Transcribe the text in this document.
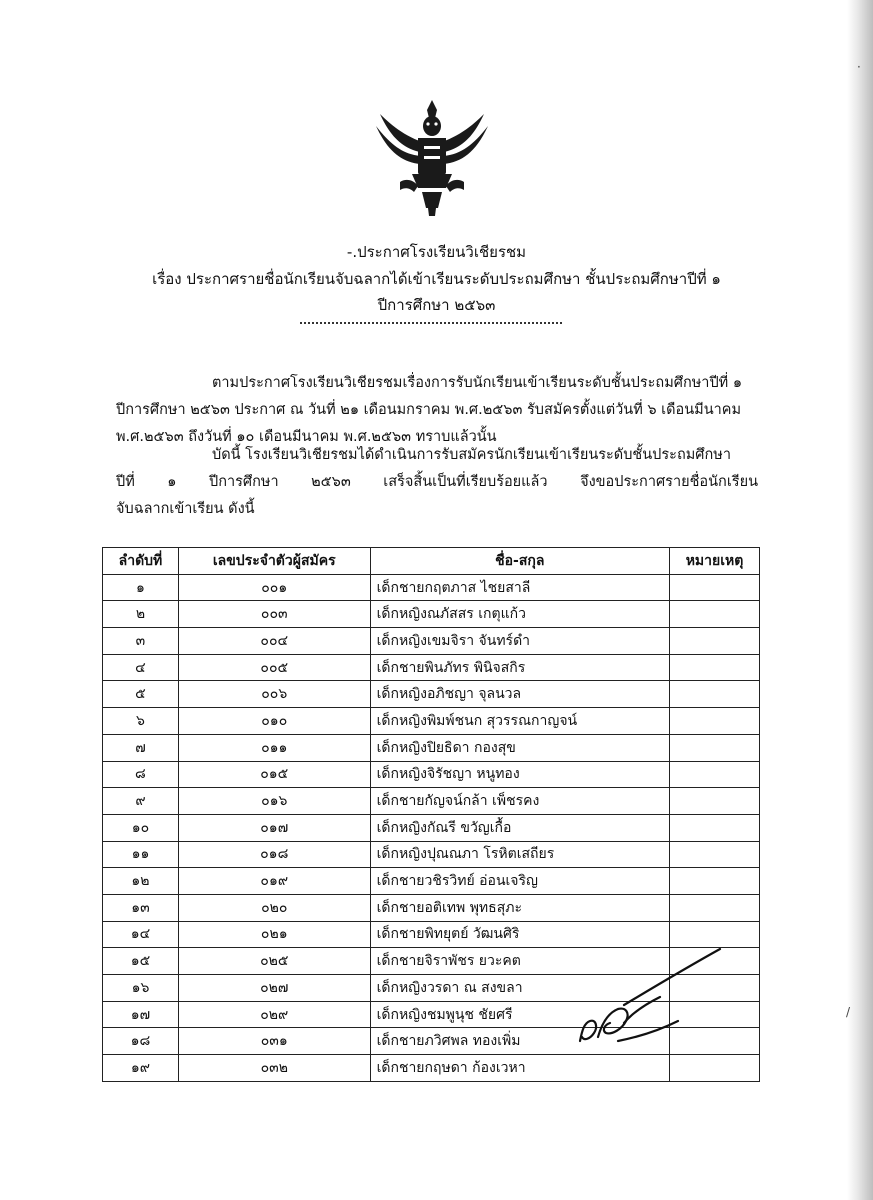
-.ประกาศโรงเรียนวิเชียรชม
เรื่อง ประกาศรายชื่อนักเรียนจับฉลากได้เข้าเรียนระดับประถมศึกษา ชั้นประถมศึกษาปีที่ ๑
ปีการศึกษา ๒๕๖๓
ตามประกาศโรงเรียนวิเชียรชมเรื่องการรับนักเรียนเข้าเรียนระดับชั้นประถมศึกษาปีที่ ๑
ปีการศึกษา ๒๕๖๓ ประกาศ ณ วันที่ ๒๑ เดือนมกราคม พ.ศ.๒๕๖๓ รับสมัครตั้งแต่วันที่ ๖ เดือนมีนาคม
พ.ศ.๒๕๖๓ ถึงวันที่ ๑๐ เดือนมีนาคม พ.ศ.๒๕๖๓ ทราบแล้วนั้น
บัดนี้ โรงเรียนวิเชียรชมได้ดำเนินการรับสมัครนักเรียนเข้าเรียนระดับชั้นประถมศึกษา
ปีที่ ๑ ปีการศึกษา ๒๕๖๓ เสร็จสิ้นเป็นที่เรียบร้อยแล้ว จึงขอประกาศรายชื่อนักเรียน
จับฉลากเข้าเรียน ดังนี้
ลำดับที่	เลขประจำตัวผู้สมัคร	ชื่อ-สกุล	หมายเหตุ
๑	๐๐๑	เด็กชายกฤตภาส ไชยสาลี	
๒	๐๐๓	เด็กหญิงณภัสสร เกตุแก้ว	
๓	๐๐๔	เด็กหญิงเขมจิรา จันทร์ดำ	
๔	๐๐๕	เด็กชายพินภัทร พินิจสกิร	
๕	๐๐๖	เด็กหญิงอภิชญา จุลนวล	
๖	๐๑๐	เด็กหญิงพิมพ์ชนก สุวรรณกาญจน์	
๗	๐๑๑	เด็กหญิงปิยธิดา กองสุข	
๘	๐๑๕	เด็กหญิงจิรัชญา หนูทอง	
๙	๐๑๖	เด็กชายกัญจน์กล้า เพ็ชรคง	
๑๐	๐๑๗	เด็กหญิงกัณรี ขวัญเกื้อ	
๑๑	๐๑๘	เด็กหญิงปุณณภา โรหิตเสถียร	
๑๒	๐๑๙	เด็กชายวชิรวิทย์ อ่อนเจริญ	
๑๓	๐๒๐	เด็กชายอติเทพ พุทธสุภะ	
๑๔	๐๒๑	เด็กชายพิทยุตย์ วัฒนศิริ	
๑๕	๐๒๕	เด็กชายจิราพัชร ยวะคต	
๑๖	๐๒๗	เด็กหญิงวรดา ณ สงขลา	
๑๗	๐๒๙	เด็กหญิงชมพูนุช ชัยศรี	
๑๘	๐๓๑	เด็กชายภวิศพล ทองเพิ่ม	
๑๙	๐๓๒	เด็กชายกฤษดา ก้องเวหา	
·
/
